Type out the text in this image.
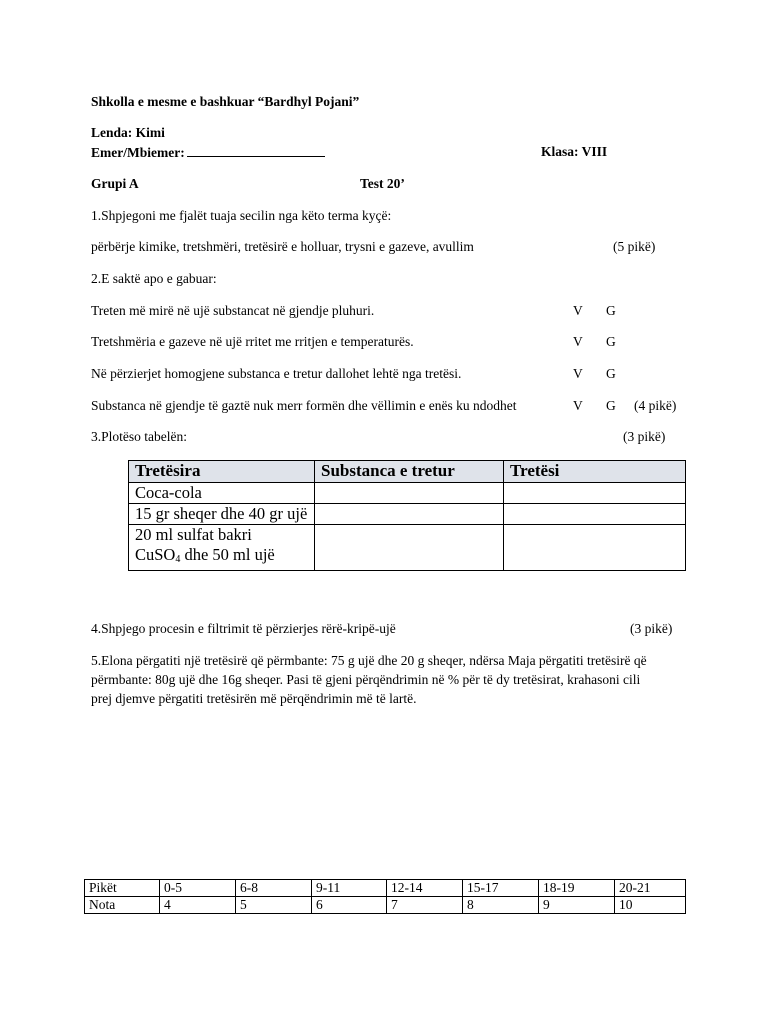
Shkolla e mesme e bashkuar “Bardhyl Pojani”
Lenda: Kimi
Emer/Mbiemer:	Klasa: VIII
Grupi A	Test 20’
1.Shpjegoni me fjalët tuaja secilin nga këto terma kyçë:
përbërje kimike, tretshmëri, tretësirë e holluar, trysni e gazeve, avullim	(5 pikë)
2.E saktë apo e gabuar:
Treten më mirë në ujë substancat në gjendje pluhuri.	V G
Tretshmëria e gazeve në ujë rritet me rritjen e temperaturës.	V G
Në përzierjet homogjene substanca e tretur dallohet lehtë nga tretësi.	V G
Substanca në gjendje të gaztë nuk merr formën dhe vëllimin e enës ku ndodhet	V G (4 pikë)
3.Plotëso tabelën:	(3 pikë)
Tretësira	Substanca e tretur	Tretësi
Coca-cola		
15 gr sheqer dhe 40 gr ujë		
20 ml sulfat bakri
CuSO$_4$ dhe 50 ml ujë		
4.Shpjego procesin e filtrimit të përzierjes rërë-kripë-ujë	(3 pikë)
5.Elona përgatiti një tretësirë që përmbante: 75 g ujë dhe 20 g sheqer, ndërsa Maja përgatiti tretësirë që
përmbante: 80g ujë dhe 16g sheqer. Pasi të gjeni përqëndrimin në % për të dy tretësirat, krahasoni cili
prej djemve përgatiti tretësirën më përqëndrimin më të lartë.
Pikët	0-5	6-8	9-11	12-14	15-17	18-19	20-21
Nota	4	5	6	7	8	9	10
